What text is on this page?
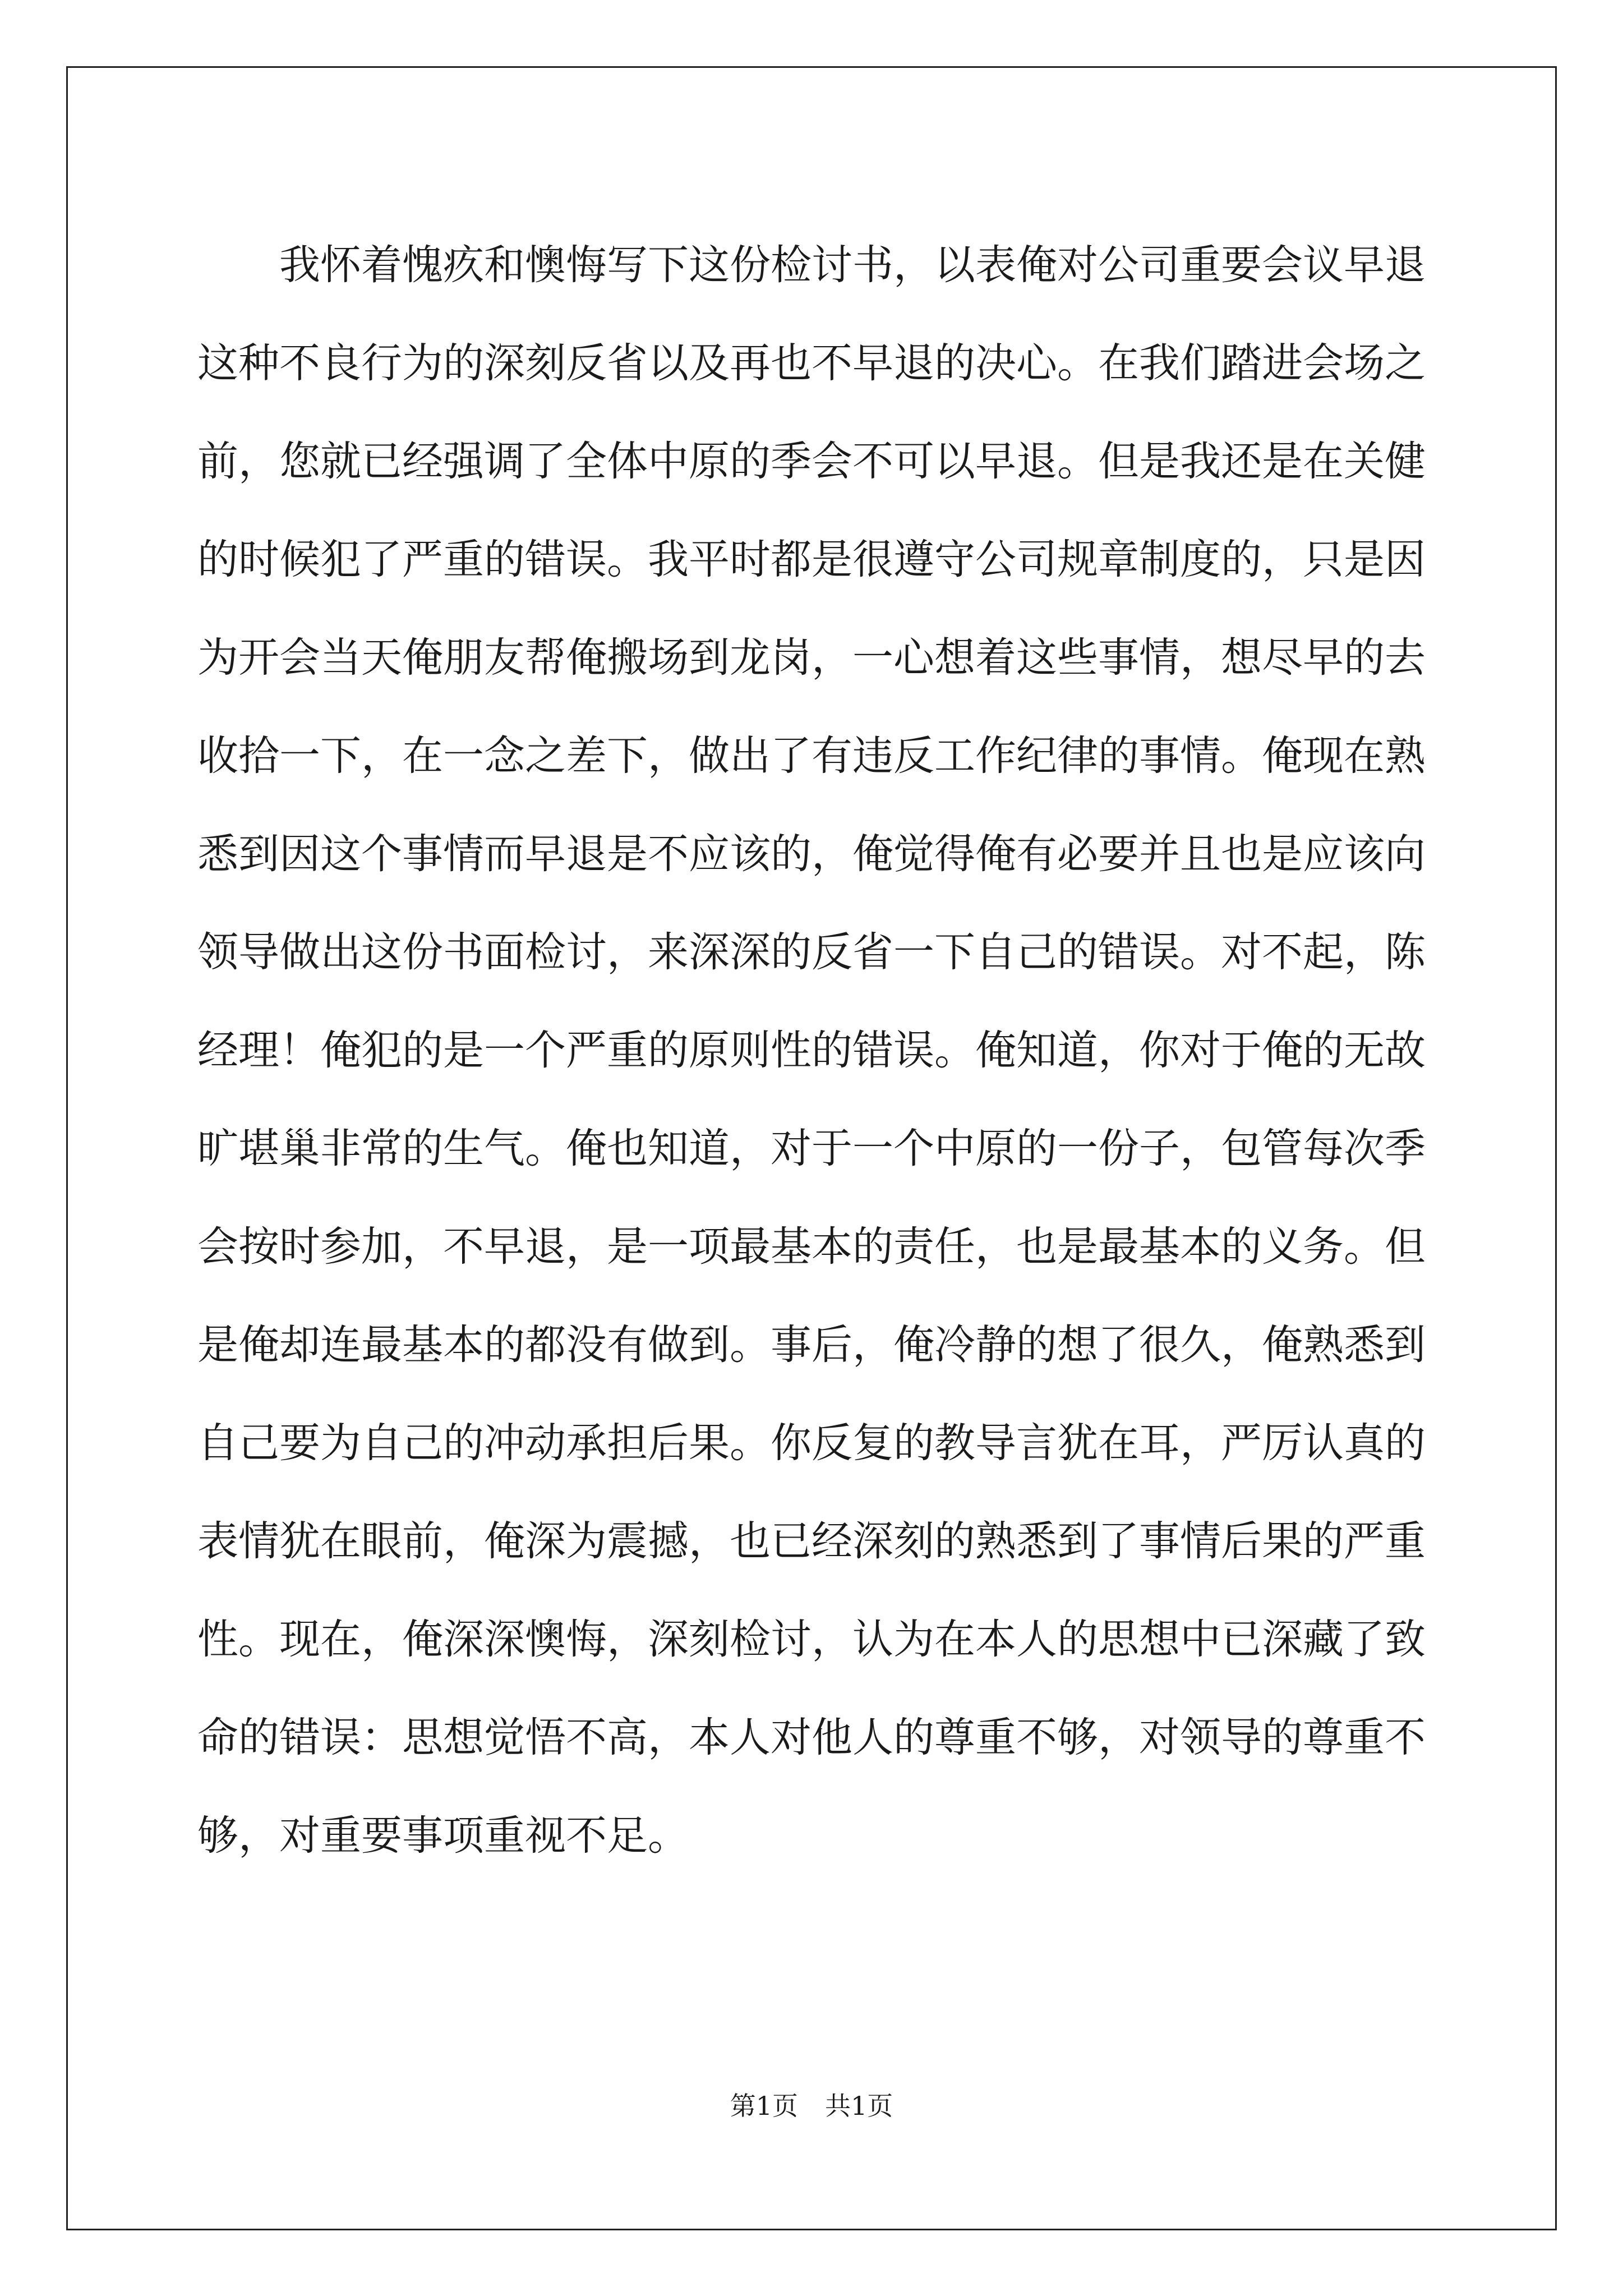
我怀着愧疚和懊悔写下这份检讨书，以表俺对公司重要会议早退
这种不良行为的深刻反省以及再也不早退的决心。在我们踏进会场之
前，您就已经强调了全体中原的季会不可以早退。但是我还是在关健
的时候犯了严重的错误。我平时都是很遵守公司规章制度的，只是因
为开会当天俺朋友帮俺搬场到龙岗，一心想着这些事情，想尽早的去
收拾一下，在一念之差下，做出了有违反工作纪律的事情。俺现在熟
悉到因这个事情而早退是不应该的，俺觉得俺有必要并且也是应该向
领导做出这份书面检讨，来深深的反省一下自己的错误。对不起，陈
经理！俺犯的是一个严重的原则性的错误。俺知道，你对于俺的无故
旷堪巢非常的生气。俺也知道，对于一个中原的一份子，包管每次季
会按时参加，不早退，是一项最基本的责任，也是最基本的义务。但
是俺却连最基本的都没有做到。事后，俺冷静的想了很久，俺熟悉到
自己要为自己的冲动承担后果。你反复的教导言犹在耳，严厉认真的
表情犹在眼前，俺深为震撼，也已经深刻的熟悉到了事情后果的严重
性。现在，俺深深懊悔，深刻检讨，认为在本人的思想中已深藏了致
命的错误：思想觉悟不高，本人对他人的尊重不够，对领导的尊重不
够，对重要事项重视不足。
第1页 共1页
